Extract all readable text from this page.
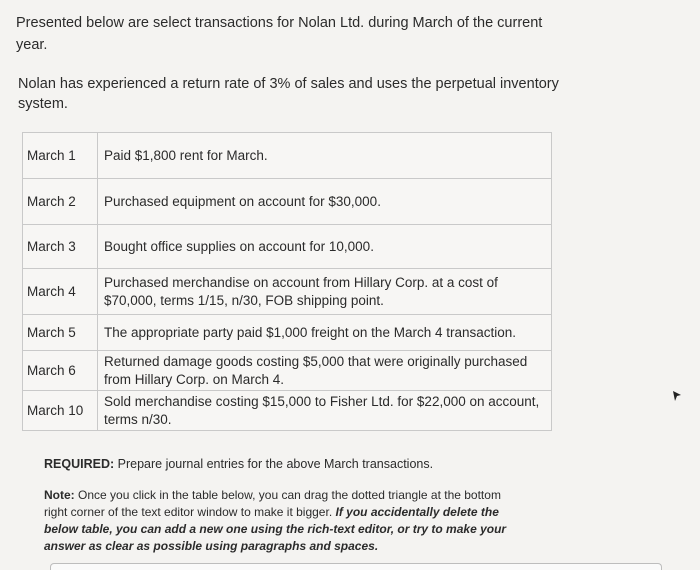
Presented below are select transactions for Nolan Ltd. during March of the current year.
Nolan has experienced a return rate of 3% of sales and uses the perpetual inventory system.
March 1	Paid $1,800 rent for March.
March 2	Purchased equipment on account for $30,000.
March 3	Bought office supplies on account for 10,000.
March 4	Purchased merchandise on account from Hillary Corp. at a cost of $70,000, terms 1/15, n/30, FOB shipping point.
March 5	The appropriate party paid $1,000 freight on the March 4 transaction.
March 6	Returned damage goods costing $5,000 that were originally purchased from Hillary Corp. on March 4.
March 10	Sold merchandise costing $15,000 to Fisher Ltd. for $22,000 on account, terms n/30.
REQUIRED: Prepare journal entries for the above March transactions.
Note: Once you click in the table below, you can drag the dotted triangle at the bottom right corner of the text editor window to make it bigger. If you accidentally delete the below table, you can add a new one using the rich-text editor, or try to make your answer as clear as possible using paragraphs and spaces.
